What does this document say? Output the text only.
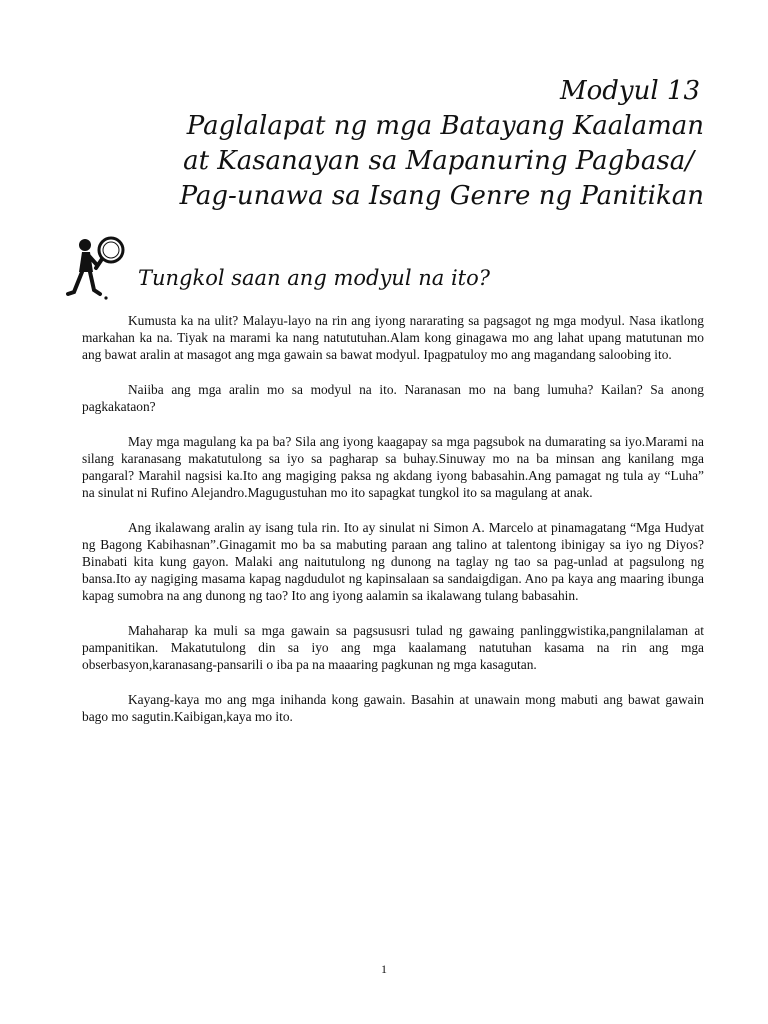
Modyul 13
Paglalapat ng mga Batayang Kaalaman
at Kasanayan sa Mapanuring Pagbasa/
Pag-unawa sa Isang Genre ng Panitikan
Tungkol saan ang modyul na ito?

Kumusta ka na ulit? Malayu-layo na rin ang iyong nararating sa pagsagot ng mga modyul. Nasa ikatlong markahan ka na. Tiyak na marami ka nang natututuhan.Alam kong ginagawa mo ang lahat upang matutunan mo ang bawat aralin at masagot ang mga gawain sa bawat modyul. Ipagpatuloy mo ang magandang saloobing ito.

Naiiba ang mga aralin mo sa modyul na ito. Naranasan mo na bang lumuha? Kailan? Sa anong pagkakataon?

May mga magulang ka pa ba? Sila ang iyong kaagapay sa mga pagsubok na dumarating sa iyo.Marami na silang karanasang makatutulong sa iyo sa pagharap sa buhay.Sinuway mo na ba minsan ang kanilang mga pangaral? Marahil nagsisi ka.Ito ang magiging paksa ng akdang iyong babasahin.Ang pamagat ng tula ay “Luha” na sinulat ni Rufino Alejandro.Magugustuhan mo ito sapagkat tungkol ito sa magulang at anak.

Ang ikalawang aralin ay isang tula rin. Ito ay sinulat ni Simon A. Marcelo at pinamagatang “Mga Hudyat ng Bagong Kabihasnan”.Ginagamit mo ba sa mabuting paraan ang talino at talentong ibinigay sa iyo ng Diyos? Binabati kita kung gayon. Malaki ang naitutulong ng dunong na taglay ng tao sa pag-unlad at pagsulong ng bansa.Ito ay nagiging masama kapag nagdudulot ng kapinsalaan sa sandaigdigan. Ano pa kaya ang maaring ibunga kapag sumobra na ang dunong ng tao? Ito ang iyong aalamin sa ikalawang tulang babasahin.

Mahaharap ka muli sa mga gawain sa pagsususri tulad ng gawaing panlinggwistika,pangnilalaman at pampanitikan. Makatutulong din sa iyo ang mga kaalamang natutuhan kasama na rin ang mga obserbasyon,karanasang-pansarili o iba pa na maaaring pagkunan ng mga kasagutan.

Kayang-kaya mo ang mga inihanda kong gawain. Basahin at unawain mong mabuti ang bawat gawain bago mo sagutin.Kaibigan,kaya mo ito.

1
